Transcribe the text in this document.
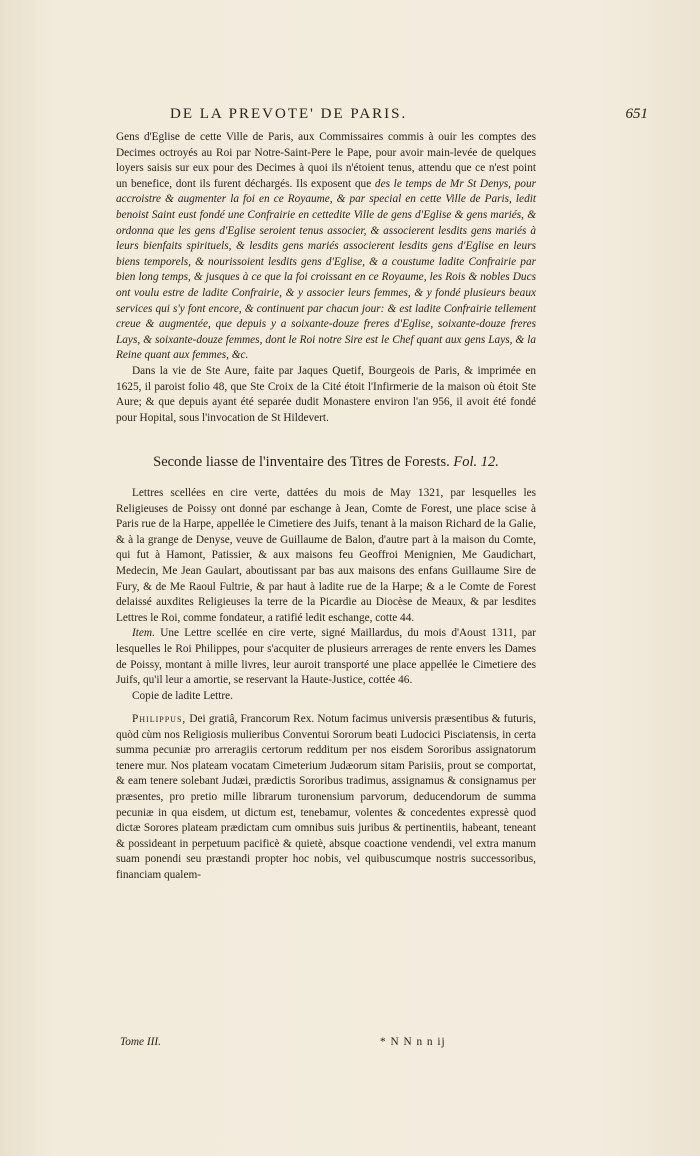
DE LA PREVOTE' DE PARIS.	651

Gens d'Eglise de cette Ville de Paris, aux Commissaires commis à ouir les comptes des Decimes octroyés au Roi par Notre-Saint-Pere le Pape, pour avoir main-levée de quelques loyers saisis sur eux pour des Decimes à quoi ils n'étoient tenus, attendu que ce n'est point un benefice, dont ils furent déchargés. Ils exposent que des le temps de Mr St Denys, pour accroistre & augmenter la foi en ce Royaume, & par special en cette Ville de Paris, ledit benoist Saint eust fondé une Confrairie en cettedite Ville de gens d'Eglise & gens mariés, & ordonna que les gens d'Eglise seroient tenus associer, & associerent lesdits gens mariés à leurs bienfaits spirituels, & lesdits gens mariés associerent lesdits gens d'Eglise en leurs biens temporels, & nourissoient lesdits gens d'Eglise, & a coustume ladite Confrairie par bien long temps, & jusques à ce que la foi croissant en ce Royaume, les Rois & nobles Ducs ont voulu estre de ladite Confrairie, & y associer leurs femmes, & y fondé plusieurs beaux services qui s'y font encore, & continuent par chacun jour: & est ladite Confrairie tellement creue & augmentée, que depuis y a soixante-douze freres d'Eglise, soixante-douze freres Lays, & soixante-douze femmes, dont le Roi notre Sire est le Chef quant aux gens Lays, & la Reine quant aux femmes, &c.

Dans la vie de Ste Aure, faite par Jaques Quetif, Bourgeois de Paris, & imprimée en 1625, il paroist folio 48, que Ste Croix de la Cité étoit l'Infirmerie de la maison où étoit Ste Aure; & que depuis ayant été separée dudit Monastere environ l'an 956, il avoit été fondé pour Hopital, sous l'invocation de St Hildevert.

Seconde liasse de l'inventaire des Titres de Forests. Fol. 12.

Lettres scellées en cire verte, dattées du mois de May 1321, par lesquelles les Religieuses de Poissy ont donné par eschange à Jean, Comte de Forest, une place scise à Paris rue de la Harpe, appellée le Cimetiere des Juifs, tenant à la maison Richard de la Galie, & à la grange de Denyse, veuve de Guillaume de Balon, d'autre part à la maison du Comte, qui fut à Hamont, Patissier, & aux maisons feu Geoffroi Menignien, Me Gaudichart, Medecin, Me Jean Gaulart, aboutissant par bas aux maisons des enfans Guillaume Sire de Fury, & de Me Raoul Fultrie, & par haut à ladite rue de la Harpe; & a le Comte de Forest delaissé auxdites Religieuses la terre de la Picardie au Diocèse de Meaux, & par lesdites Lettres le Roi, comme fondateur, a ratifié ledit eschange, cotte 44.

Item. Une Lettre scellée en cire verte, signé Maillardus, du mois d'Aoust 1311, par lesquelles le Roi Philippes, pour s'acquiter de plusieurs arrerages de rente envers les Dames de Poissy, montant à mille livres, leur auroit transporté une place appellée le Cimetiere des Juifs, qu'il leur a amortie, se reservant la Haute-Justice, cottée 46.

Copie de ladite Lettre.

Philippus, Dei gratiâ, Francorum Rex. Notum facimus universis præsentibus & futuris, quòd cùm nos Religiosis mulieribus Conventui Sororum beati Ludocici Pisciatensis, in certa summa pecuniæ pro arreragiis certorum redditum per nos eisdem Sororibus assignatorum tenere mur. Nos plateam vocatam Cimeterium Judæorum sitam Parisiis, prout se comportat, & eam tenere solebant Judæi, prædictis Sororibus tradimus, assignamus & consignamus per præsentes, pro pretio mille librarum turonensium parvorum, deducendorum de summa pecuniæ in qua eisdem, ut dictum est, tenebamur, volentes & concedentes expressè quod dictæ Sorores plateam prædictam cum omnibus suis juribus & pertinentiis, habeant, teneant & possideant in perpetuum pacificè & quietè, absque coactione vendendi, vel extra manum suam ponendi seu præstandi propter hoc nobis, vel quibuscumque nostris successoribus, financiam qualem-

Tome III.	* N N n n ij
